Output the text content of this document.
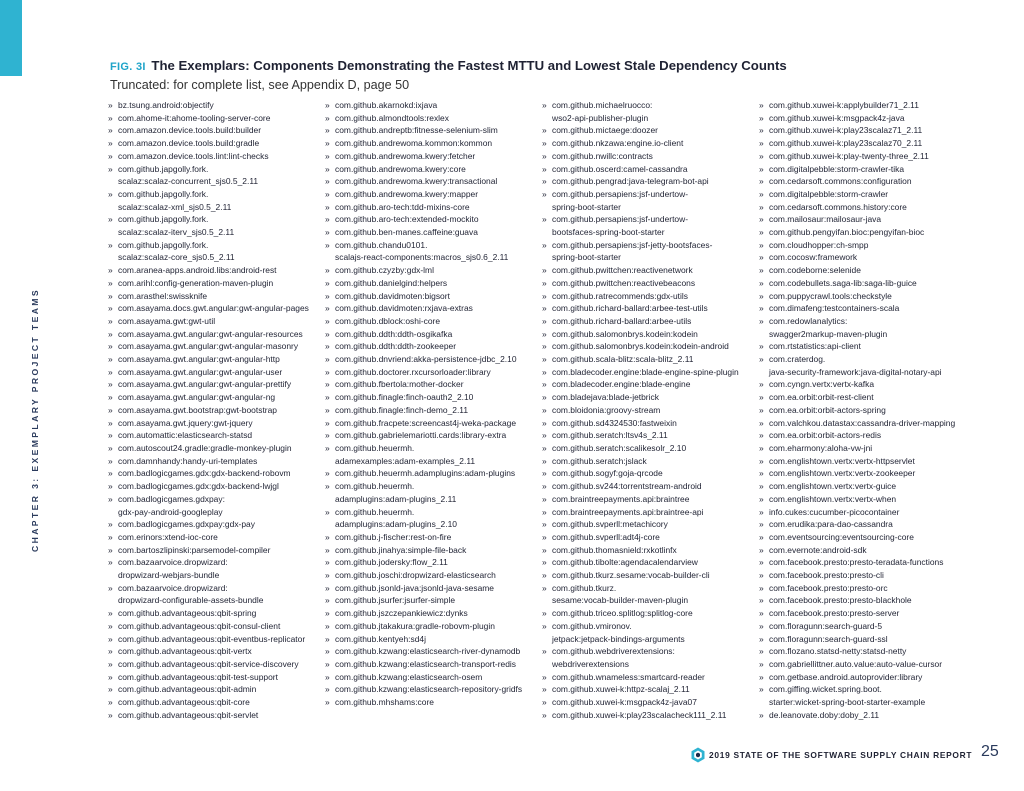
CHAPTER 3: EXEMPLARY PROJECT TEAMS
FIG. 3I The Exemplars: Components Demonstrating the Fastest MTTU and Lowest Stale Dependency Counts
Truncated: for complete list, see Appendix D, page 50
» bz.tsung.android:objectify
» com.ahome-it:ahome-tooling-server-core
» com.amazon.device.tools.build:builder
» com.amazon.device.tools.build:gradle
» com.amazon.device.tools.lint:lint-checks
» com.github.japgolly.fork.
scalaz:scalaz-concurrent_sjs0.5_2.11
» com.github.japgolly.fork.
scalaz:scalaz-xml_sjs0.5_2.11
» com.github.japgolly.fork.
scalaz:scalaz-iterv_sjs0.5_2.11
» com.github.japgolly.fork.
scalaz:scalaz-core_sjs0.5_2.11
» com.aranea-apps.android.libs:android-rest
» com.arihl:config-generation-maven-plugin
» com.arasthel:swissknife
» com.asayama.docs.gwt.angular:gwt-angular-pages
» com.asayama.gwt:gwt-util
» com.asayama.gwt.angular:gwt-angular-resources
» com.asayama.gwt.angular:gwt-angular-masonry
» com.asayama.gwt.angular:gwt-angular-http
» com.asayama.gwt.angular:gwt-angular-user
» com.asayama.gwt.angular:gwt-angular-prettify
» com.asayama.gwt.angular:gwt-angular-ng
» com.asayama.gwt.bootstrap:gwt-bootstrap
» com.asayama.gwt.jquery:gwt-jquery
» com.automattic:elasticsearch-statsd
» com.autoscout24.gradle:gradle-monkey-plugin
» com.damnhandy:handy-uri-templates
» com.badlogicgames.gdx:gdx-backend-robovm
» com.badlogicgames.gdx:gdx-backend-lwjgl
» com.badlogicgames.gdxpay:
gdx-pay-android-googleplay
» com.badlogicgames.gdxpay:gdx-pay
» com.erinors:xtend-ioc-core
» com.bartoszlipinski:parsemodel-compiler
» com.bazaarvoice.dropwizard:
dropwizard-webjars-bundle
» com.bazaarvoice.dropwizard:
dropwizard-configurable-assets-bundle
» com.github.advantageous:qbit-spring
» com.github.advantageous:qbit-consul-client
» com.github.advantageous:qbit-eventbus-replicator
» com.github.advantageous:qbit-vertx
» com.github.advantageous:qbit-service-discovery
» com.github.advantageous:qbit-test-support
» com.github.advantageous:qbit-admin
» com.github.advantageous:qbit-core
» com.github.advantageous:qbit-servlet
» com.github.akarnokd:ixjava
» com.github.almondtools:rexlex
» com.github.andreptb:fitnesse-selenium-slim
» com.github.andrewoma.kommon:kommon
» com.github.andrewoma.kwery:fetcher
» com.github.andrewoma.kwery:core
» com.github.andrewoma.kwery:transactional
» com.github.andrewoma.kwery:mapper
» com.github.aro-tech:tdd-mixins-core
» com.github.aro-tech:extended-mockito
» com.github.ben-manes.caffeine:guava
» com.github.chandu0101.
scalajs-react-components:macros_sjs0.6_2.11
» com.github.czyzby:gdx-lml
» com.github.danielgind:helpers
» com.github.davidmoten:bigsort
» com.github.davidmoten:rxjava-extras
» com.github.dblock:oshi-core
» com.github.ddth:ddth-osgikafka
» com.github.ddth:ddth-zookeeper
» com.github.dnvriend:akka-persistence-jdbc_2.10
» com.github.doctorer.rxcursorloader:library
» com.github.fbertola:mother-docker
» com.github.finagle:finch-oauth2_2.10
» com.github.finagle:finch-demo_2.11
» com.github.fracpete:screencast4j-weka-package
» com.github.gabrielemariotti.cards:library-extra
» com.github.heuermh.
adamexamples:adam-examples_2.11
» com.github.heuermh.adamplugins:adam-plugins
» com.github.heuermh.
adamplugins:adam-plugins_2.11
» com.github.heuermh.
adamplugins:adam-plugins_2.10
» com.github.j-fischer:rest-on-fire
» com.github.jinahya:simple-file-back
» com.github.jodersky:flow_2.11
» com.github.joschi:dropwizard-elasticsearch
» com.github.jsonld-java:jsonld-java-sesame
» com.github.jsurfer:jsurfer-simple
» com.github.jszczepankiewicz:dynks
» com.github.jtakakura:gradle-robovm-plugin
» com.github.kentyeh:sd4j
» com.github.kzwang:elasticsearch-river-dynamodb
» com.github.kzwang:elasticsearch-transport-redis
» com.github.kzwang:elasticsearch-osem
» com.github.kzwang:elasticsearch-repository-gridfs
» com.github.mhshams:core
» com.github.michaelruocco:
wso2-api-publisher-plugin
» com.github.mictaege:doozer
» com.github.nkzawa:engine.io-client
» com.github.nwillc:contracts
» com.github.oscerd:camel-cassandra
» com.github.pengrad:java-telegram-bot-api
» com.github.persapiens:jsf-undertow-
spring-boot-starter
» com.github.persapiens:jsf-undertow-
bootsfaces-spring-boot-starter
» com.github.persapiens:jsf-jetty-bootsfaces-
spring-boot-starter
» com.github.pwittchen:reactivenetwork
» com.github.pwittchen:reactivebeacons
» com.github.ratrecommends:gdx-utils
» com.github.richard-ballard:arbee-test-utils
» com.github.richard-ballard:arbee-utils
» com.github.salomonbrys.kodein:kodein
» com.github.salomonbrys.kodein:kodein-android
» com.github.scala-blitz:scala-blitz_2.11
» com.bladecoder.engine:blade-engine-spine-plugin
» com.bladecoder.engine:blade-engine
» com.bladejava:blade-jetbrick
» com.bloidonia:groovy-stream
» com.github.sd4324530:fastweixin
» com.github.seratch:ltsv4s_2.11
» com.github.seratch:scalikesolr_2.10
» com.github.seratch:jslack
» com.github.sogyf:goja-qrcode
» com.github.sv244:torrentstream-android
» com.braintreepayments.api:braintree
» com.braintreepayments.api:braintree-api
» com.github.svperll:metachicory
» com.github.svperll:adt4j-core
» com.github.thomasnield:rxkotlinfx
» com.github.tibolte:agendacalendarview
» com.github.tkurz.sesame:vocab-builder-cli
» com.github.tkurz.
sesame:vocab-builder-maven-plugin
» com.github.triceo.splitlog:splitlog-core
» com.github.vmironov.
jetpack:jetpack-bindings-arguments
» com.github.webdriverextensions:
webdriverextensions
» com.github.wnameless:smartcard-reader
» com.github.xuwei-k:httpz-scalaj_2.11
» com.github.xuwei-k:msgpack4z-java07
» com.github.xuwei-k:play23scalacheck111_2.11
» com.github.xuwei-k:applybuilder71_2.11
» com.github.xuwei-k:msgpack4z-java
» com.github.xuwei-k:play23scalaz71_2.11
» com.github.xuwei-k:play23scalaz70_2.11
» com.github.xuwei-k:play-twenty-three_2.11
» com.digitalpebble:storm-crawler-tika
» com.cedarsoft.commons:configuration
» com.digitalpebble:storm-crawler
» com.cedarsoft.commons.history:core
» com.mailosaur:mailosaur-java
» com.github.pengyifan.bioc:pengyifan-bioc
» com.cloudhopper:ch-smpp
» com.cocosw:framework
» com.codeborne:selenide
» com.codebullets.saga-lib:saga-lib-guice
» com.puppycrawl.tools:checkstyle
» com.dimafeng:testcontainers-scala
» com.redowlanalytics:
swagger2markup-maven-plugin
» com.rtstatistics:api-client
» com.craterdog.
java-security-framework:java-digital-notary-api
» com.cyngn.vertx:vertx-kafka
» com.ea.orbit:orbit-rest-client
» com.ea.orbit:orbit-actors-spring
» com.valchkou.datastax:cassandra-driver-mapping
» com.ea.orbit:orbit-actors-redis
» com.eharmony:aloha-vw-jni
» com.englishtown.vertx:vertx-httpservlet
» com.englishtown.vertx:vertx-zookeeper
» com.englishtown.vertx:vertx-guice
» com.englishtown.vertx:vertx-when
» info.cukes:cucumber-picocontainer
» com.erudika:para-dao-cassandra
» com.eventsourcing:eventsourcing-core
» com.evernote:android-sdk
» com.facebook.presto:presto-teradata-functions
» com.facebook.presto:presto-cli
» com.facebook.presto:presto-orc
» com.facebook.presto:presto-blackhole
» com.facebook.presto:presto-server
» com.floragunn:search-guard-5
» com.floragunn:search-guard-ssl
» com.flozano.statsd-netty:statsd-netty
» com.gabriellittner.auto.value:auto-value-cursor
» com.getbase.android.autoprovider:library
» com.giffing.wicket.spring.boot.
starter:wicket-spring-boot-starter-example
» de.leanovate.doby:doby_2.11
2019 STATE OF THE SOFTWARE SUPPLY CHAIN REPORT 25
